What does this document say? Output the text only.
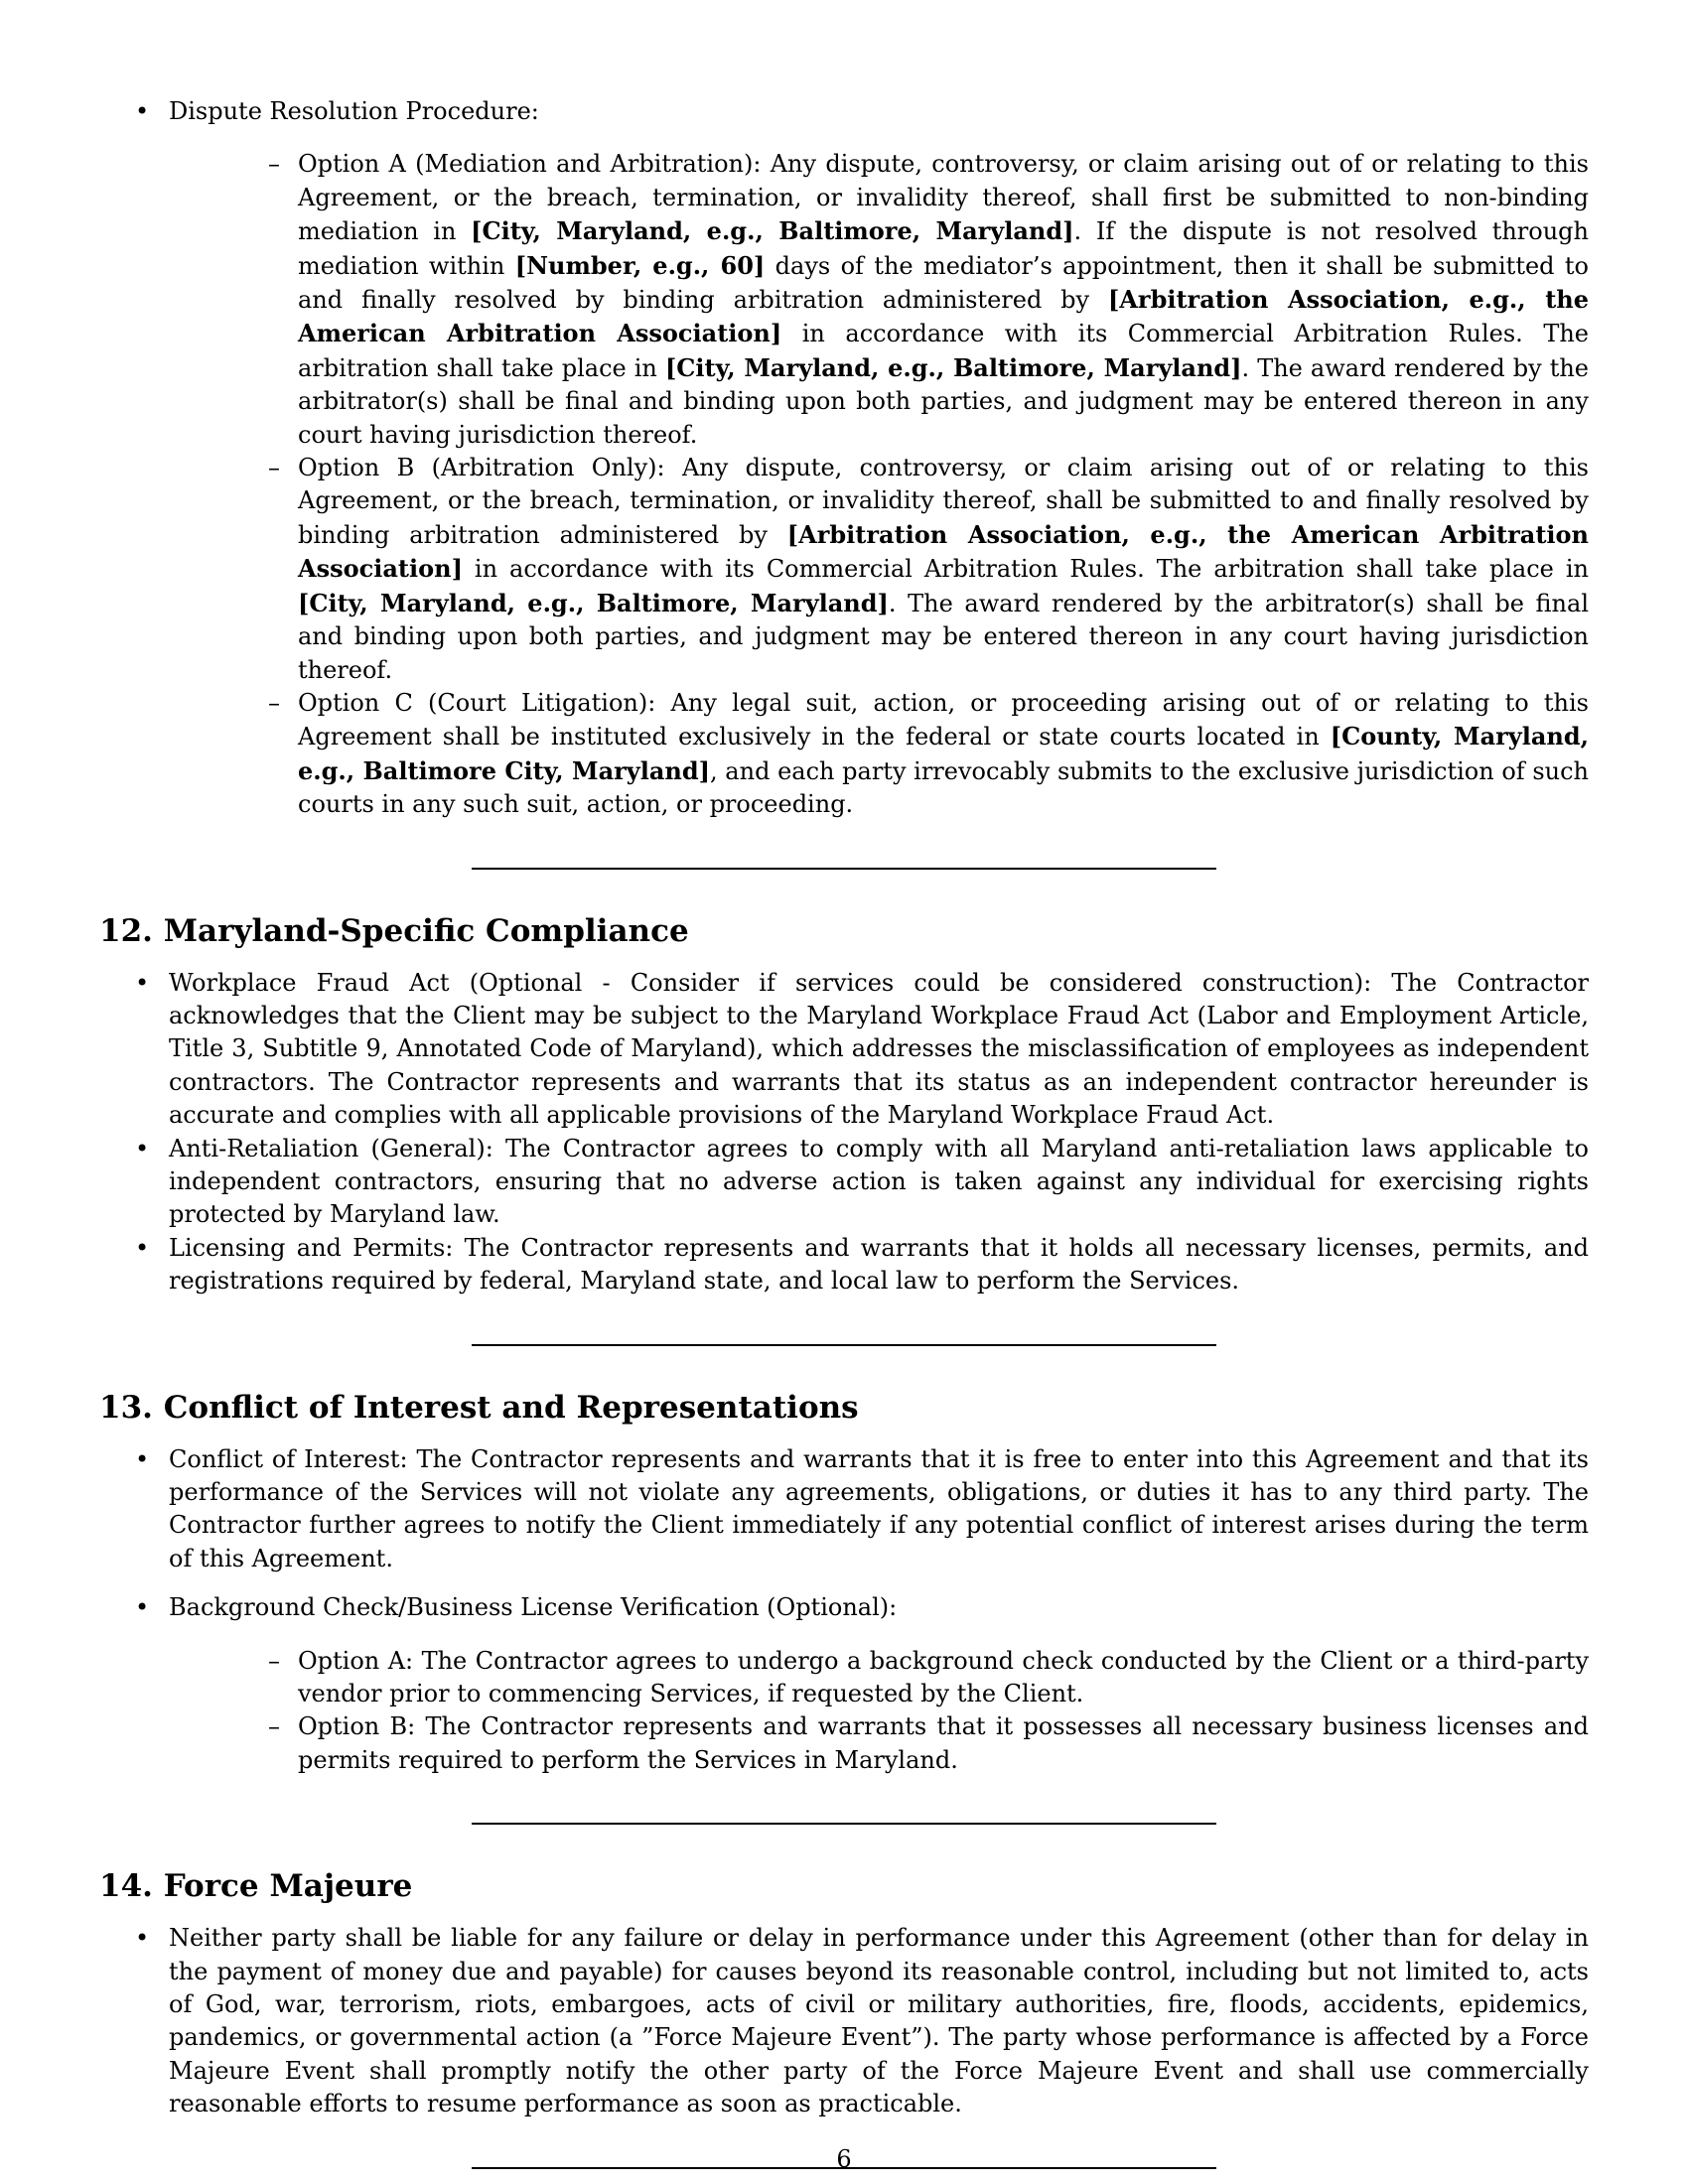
• Dispute Resolution Procedure:
– Option A (Mediation and Arbitration): Any dispute, controversy, or claim arising out of or relating to this Agreement, or the breach, termination, or invalidity thereof, shall first be submitted to non-binding mediation in [City, Maryland, e.g., Baltimore, Maryland]. If the dispute is not resolved through mediation within [Number, e.g., 60] days of the mediator’s appointment, then it shall be submitted to and finally resolved by binding arbitration administered by [Arbitration Association, e.g., the American Arbitration Association] in accordance with its Commercial Arbitration Rules. The arbitration shall take place in [City, Maryland, e.g., Baltimore, Maryland]. The award rendered by the arbitrator(s) shall be final and binding upon both parties, and judgment may be entered thereon in any court having jurisdiction thereof.
– Option B (Arbitration Only): Any dispute, controversy, or claim arising out of or relating to this Agreement, or the breach, termination, or invalidity thereof, shall be submitted to and finally resolved by binding arbitration administered by [Arbitration Association, e.g., the American Arbitration Association] in accordance with its Commercial Arbitration Rules. The arbitration shall take place in [City, Maryland, e.g., Baltimore, Maryland]. The award rendered by the arbitrator(s) shall be final and binding upon both parties, and judgment may be entered thereon in any court having jurisdiction thereof.
– Option C (Court Litigation): Any legal suit, action, or proceeding arising out of or relating to this Agreement shall be instituted exclusively in the federal or state courts located in [County, Maryland, e.g., Baltimore City, Maryland], and each party irrevocably submits to the exclusive jurisdiction of such courts in any such suit, action, or proceeding.
12. Maryland-Specific Compliance
• Workplace Fraud Act (Optional - Consider if services could be considered construction): The Contractor acknowledges that the Client may be subject to the Maryland Workplace Fraud Act (Labor and Employment Article, Title 3, Subtitle 9, Annotated Code of Maryland), which addresses the misclassification of employees as independent contractors. The Contractor represents and warrants that its status as an independent contractor hereunder is accurate and complies with all applicable provisions of the Maryland Workplace Fraud Act.
• Anti-Retaliation (General): The Contractor agrees to comply with all Maryland anti-retaliation laws applicable to independent contractors, ensuring that no adverse action is taken against any individual for exercising rights protected by Maryland law.
• Licensing and Permits: The Contractor represents and warrants that it holds all necessary licenses, permits, and registrations required by federal, Maryland state, and local law to perform the Services.
13. Conflict of Interest and Representations
• Conflict of Interest: The Contractor represents and warrants that it is free to enter into this Agreement and that its performance of the Services will not violate any agreements, obligations, or duties it has to any third party. The Contractor further agrees to notify the Client immediately if any potential conflict of interest arises during the term of this Agreement.
• Background Check/Business License Verification (Optional):
– Option A: The Contractor agrees to undergo a background check conducted by the Client or a third-party vendor prior to commencing Services, if requested by the Client.
– Option B: The Contractor represents and warrants that it possesses all necessary business licenses and permits required to perform the Services in Maryland.
14. Force Majeure
• Neither party shall be liable for any failure or delay in performance under this Agreement (other than for delay in the payment of money due and payable) for causes beyond its reasonable control, including but not limited to, acts of God, war, terrorism, riots, embargoes, acts of civil or military authorities, fire, floods, accidents, epidemics, pandemics, or governmental action (a ”Force Majeure Event”). The party whose performance is affected by a Force Majeure Event shall promptly notify the other party of the Force Majeure Event and shall use commercially reasonable efforts to resume performance as soon as practicable.
6
